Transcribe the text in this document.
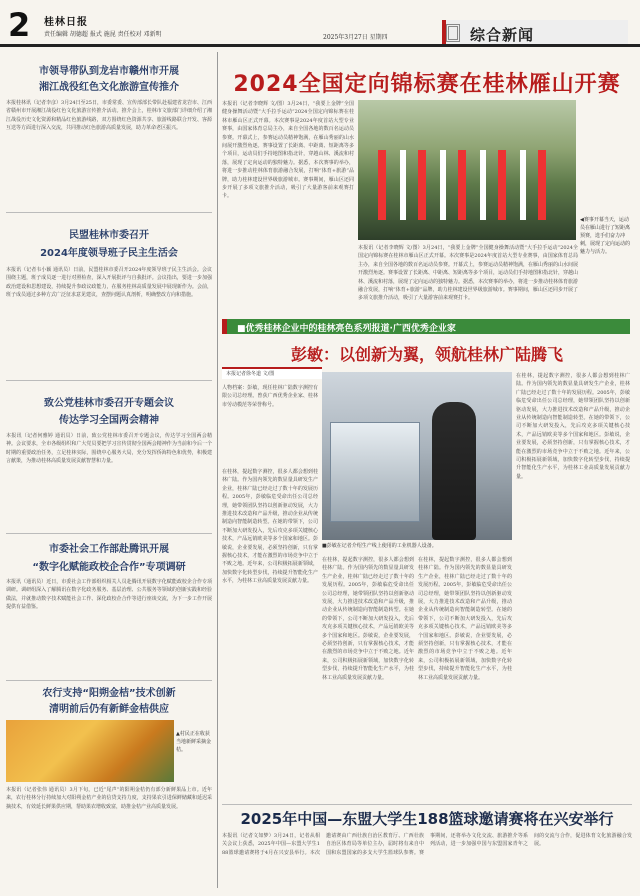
2 桂林日报
责任编辑 胡德超 报式 施昆 责任校对 邓新明	2025年3月27日 星期四	综合新闻
市领导带队到龙岩市赣州市开展
湘江战役红色文化旅游宣传推介
本报桂林讯（记者李彦）3月24日至25日，市委常委、宣传部部长带队赴福建省龙岩市、江西省赣州市开展湘江战役红色文化旅游宣传推介活动。推介会上，桂林市文旅部门详细介绍了湘江战役历史文化资源和精品红色旅游线路，双方围绕红色资源共享、旅游线路联合开发、客源互送等方面进行深入交流，共同推动红色旅游高质量发展，助力革命老区振兴。
民盟桂林市委召开
2024年度领导班子民主生活会
本报讯（记者韦小颖 通讯员）日前，民盟桂林市委召开2024年度领导班子民主生活会。会议围绕主题，班子成员逐一进行对照检查，深入开展批评与自我批评。会议指出，要进一步加强政治建设和思想建设，持续提升参政议政能力，在服务桂林高质量发展中展现新作为。会前，班子成员通过多种方式广泛征求意见建议，查摆问题认真剖析，明确整改方向和措施。
致公党桂林市委召开专题会议
传达学习全国两会精神
本报讯（记者何雅婷 通讯员）日前，致公党桂林市委召开专题会议，传达学习全国两会精神。会议要求，全市各级组织和广大党员要把学习宣传贯彻全国两会精神作为当前和今后一个时期的重要政治任务，立足桂林实际，围绕中心服务大局，充分发挥侨海特色和优势，积极建言献策，为推动桂林高质量发展贡献智慧和力量。
市委社会工作部赴腾讯开展
“数字化赋能政校企合作”专项调研
本报讯（通讯员）近日，市委社会工作部组织相关人员赴腾讯开展数字化赋能政校企合作专项调研。调研组深入了解腾讯在数字化政务服务、基层治理、公共服务等领域的创新实践和经验做法，并就推动数字技术赋能社会工作、深化政校企合作等进行座谈交流，为下一步工作开展提供有益借鉴。
农行支持“阳朔金桔”技术创新
清明前后仍有新鲜金桔供应
▲村民正在收获当地新鲜采摘金桔。
本报讯（记者张伟 通讯员）3月下旬，已近“尾声”的阳朔金桔仍有部分新鲜果品上市。近年来，农行桂林分行持续加大对阳朔金桔产业的信贷支持力度，支持果农引进保鲜储藏和延迟采摘技术，有效延长鲜果供应期，帮助果农增收致富，助推金桔产业高质量发展。
2024全国定向锦标赛在桂林雁山开赛
本报讯（记者李晓辉 文/图）3月24日，“我要上金牌”全国健身操舞活动暨“大手拉手运动”2024全国定向锦标赛在桂林市雁山区正式开幕。本次赛事是2024年度首站大型专业赛事，由国家体育总局主办，来自全国各地的数百名运动员参赛。开幕式上，参赛运动员精神饱满，在雁山秀丽的山水间展开激烈角逐。赛事设置了长距离、中距离、短距离等多个项目，运动员们手持地图和指北针，穿越山林、溪流和村落，展现了定向运动的独特魅力。据悉，本次赛事的举办，将进一步推动桂林体育旅游融合发展，打响“体育+旅游”品牌，助力桂林建设世界级旅游城市。赛事期间，雁山区还同步开展了多项文旅推介活动，吸引了大量游客前来观赛打卡。
◀赛事开幕当天，运动员在雁山进行了短距离预赛，选手们奋力冲刺，展现了定向运动的魅力与活力。
本报讯（记者李晓辉 文/图）3月24日，“我要上金牌”全国健身操舞活动暨“大手拉手运动”2024全国定向锦标赛在桂林市雁山区正式开幕。本次赛事是2024年度首站大型专业赛事，由国家体育总局主办，来自全国各地的数百名运动员参赛。开幕式上，参赛运动员精神饱满，在雁山秀丽的山水间展开激烈角逐。赛事设置了长距离、中距离、短距离等多个项目，运动员们手持地图和指北针，穿越山林、溪流和村落，展现了定向运动的独特魅力。据悉，本次赛事的举办，将进一步推动桂林体育旅游融合发展，打响“体育+旅游”品牌，助力桂林建设世界级旅游城市。赛事期间，雁山区还同步开展了多项文旅推介活动，吸引了大量游客前来观赛打卡。
■优秀桂林企业中的桂林亮色系列报道·广西优秀企业家
彭敏：以创新为翼，领航桂林广陆腾飞
本报记者徐冬道 文/图
人物档案：彭敏，现任桂林广陆数字测控有限公司总经理。曾获广西优秀企业家、桂林市劳动模范等荣誉称号。
在桂林，提起数字测控，很多人都会想到桂林广陆。作为国内领先的数显量具研发生产企业，桂林广陆已经走过了数十年的发展历程。2005年，彭敏临危受命出任公司总经理，她带领团队坚持以创新驱动发展，大力推进技术改造和产品升级，推动企业从传统制造向智能制造转型。在她的带领下，公司不断加大研发投入，先后攻克多项关键核心技术，产品远销欧美等多个国家和地区。彭敏说，企业要发展，必须坚持创新，只有掌握核心技术，才能在激烈的市场竞争中立于不败之地。近年来，公司积极拓展新领域，加快数字化转型步伐，持续提升智能化生产水平，为桂林工业高质量发展贡献力量。
■彭敏在记者介绍生产线上使用的工业机器人设备。
在桂林，提起数字测控，很多人都会想到桂林广陆。作为国内领先的数显量具研发生产企业，桂林广陆已经走过了数十年的发展历程。2005年，彭敏临危受命出任公司总经理，她带领团队坚持以创新驱动发展，大力推进技术改造和产品升级，推动企业从传统制造向智能制造转型。在她的带领下，公司不断加大研发投入，先后攻克多项关键核心技术，产品远销欧美等多个国家和地区。彭敏说，企业要发展，必须坚持创新，只有掌握核心技术，才能在激烈的市场竞争中立于不败之地。近年来，公司积极拓展新领域，加快数字化转型步伐，持续提升智能化生产水平，为桂林工业高质量发展贡献力量。
在桂林，提起数字测控，很多人都会想到桂林广陆。作为国内领先的数显量具研发生产企业，桂林广陆已经走过了数十年的发展历程。2005年，彭敏临危受命出任公司总经理，她带领团队坚持以创新驱动发展，大力推进技术改造和产品升级，推动企业从传统制造向智能制造转型。在她的带领下，公司不断加大研发投入，先后攻克多项关键核心技术，产品远销欧美等多个国家和地区。彭敏说，企业要发展，必须坚持创新，只有掌握核心技术，才能在激烈的市场竞争中立于不败之地。近年来，公司积极拓展新领域，加快数字化转型步伐，持续提升智能化生产水平，为桂林工业高质量发展贡献力量。
在桂林，提起数字测控，很多人都会想到桂林广陆。作为国内领先的数显量具研发生产企业，桂林广陆已经走过了数十年的发展历程。2005年，彭敏临危受命出任公司总经理，她带领团队坚持以创新驱动发展，大力推进技术改造和产品升级，推动企业从传统制造向智能制造转型。在她的带领下，公司不断加大研发投入，先后攻克多项关键核心技术，产品远销欧美等多个国家和地区。彭敏说，企业要发展，必须坚持创新，只有掌握核心技术，才能在激烈的市场竞争中立于不败之地。近年来，公司积极拓展新领域，加快数字化转型步伐，持续提升智能化生产水平，为桂林工业高质量发展贡献力量。
2025年中国—东盟大学生188篮球邀请赛将在兴安举行
本报讯（记者文如梦）3月24日，记者从相关会议上获悉，2025年中国—东盟大学生188篮球邀请赛将于4月在兴安县举行。本次邀请赛由广西壮族自治区教育厅、广西壮族自治区体育局等单位主办，届时将有来自中国和东盟国家的多支大学生篮球队参赛。赛事期间，还将举办文化交流、旅游推介等系列活动，进一步加强中国与东盟国家青年之间的交流与合作，促进体育文化旅游融合发展。
